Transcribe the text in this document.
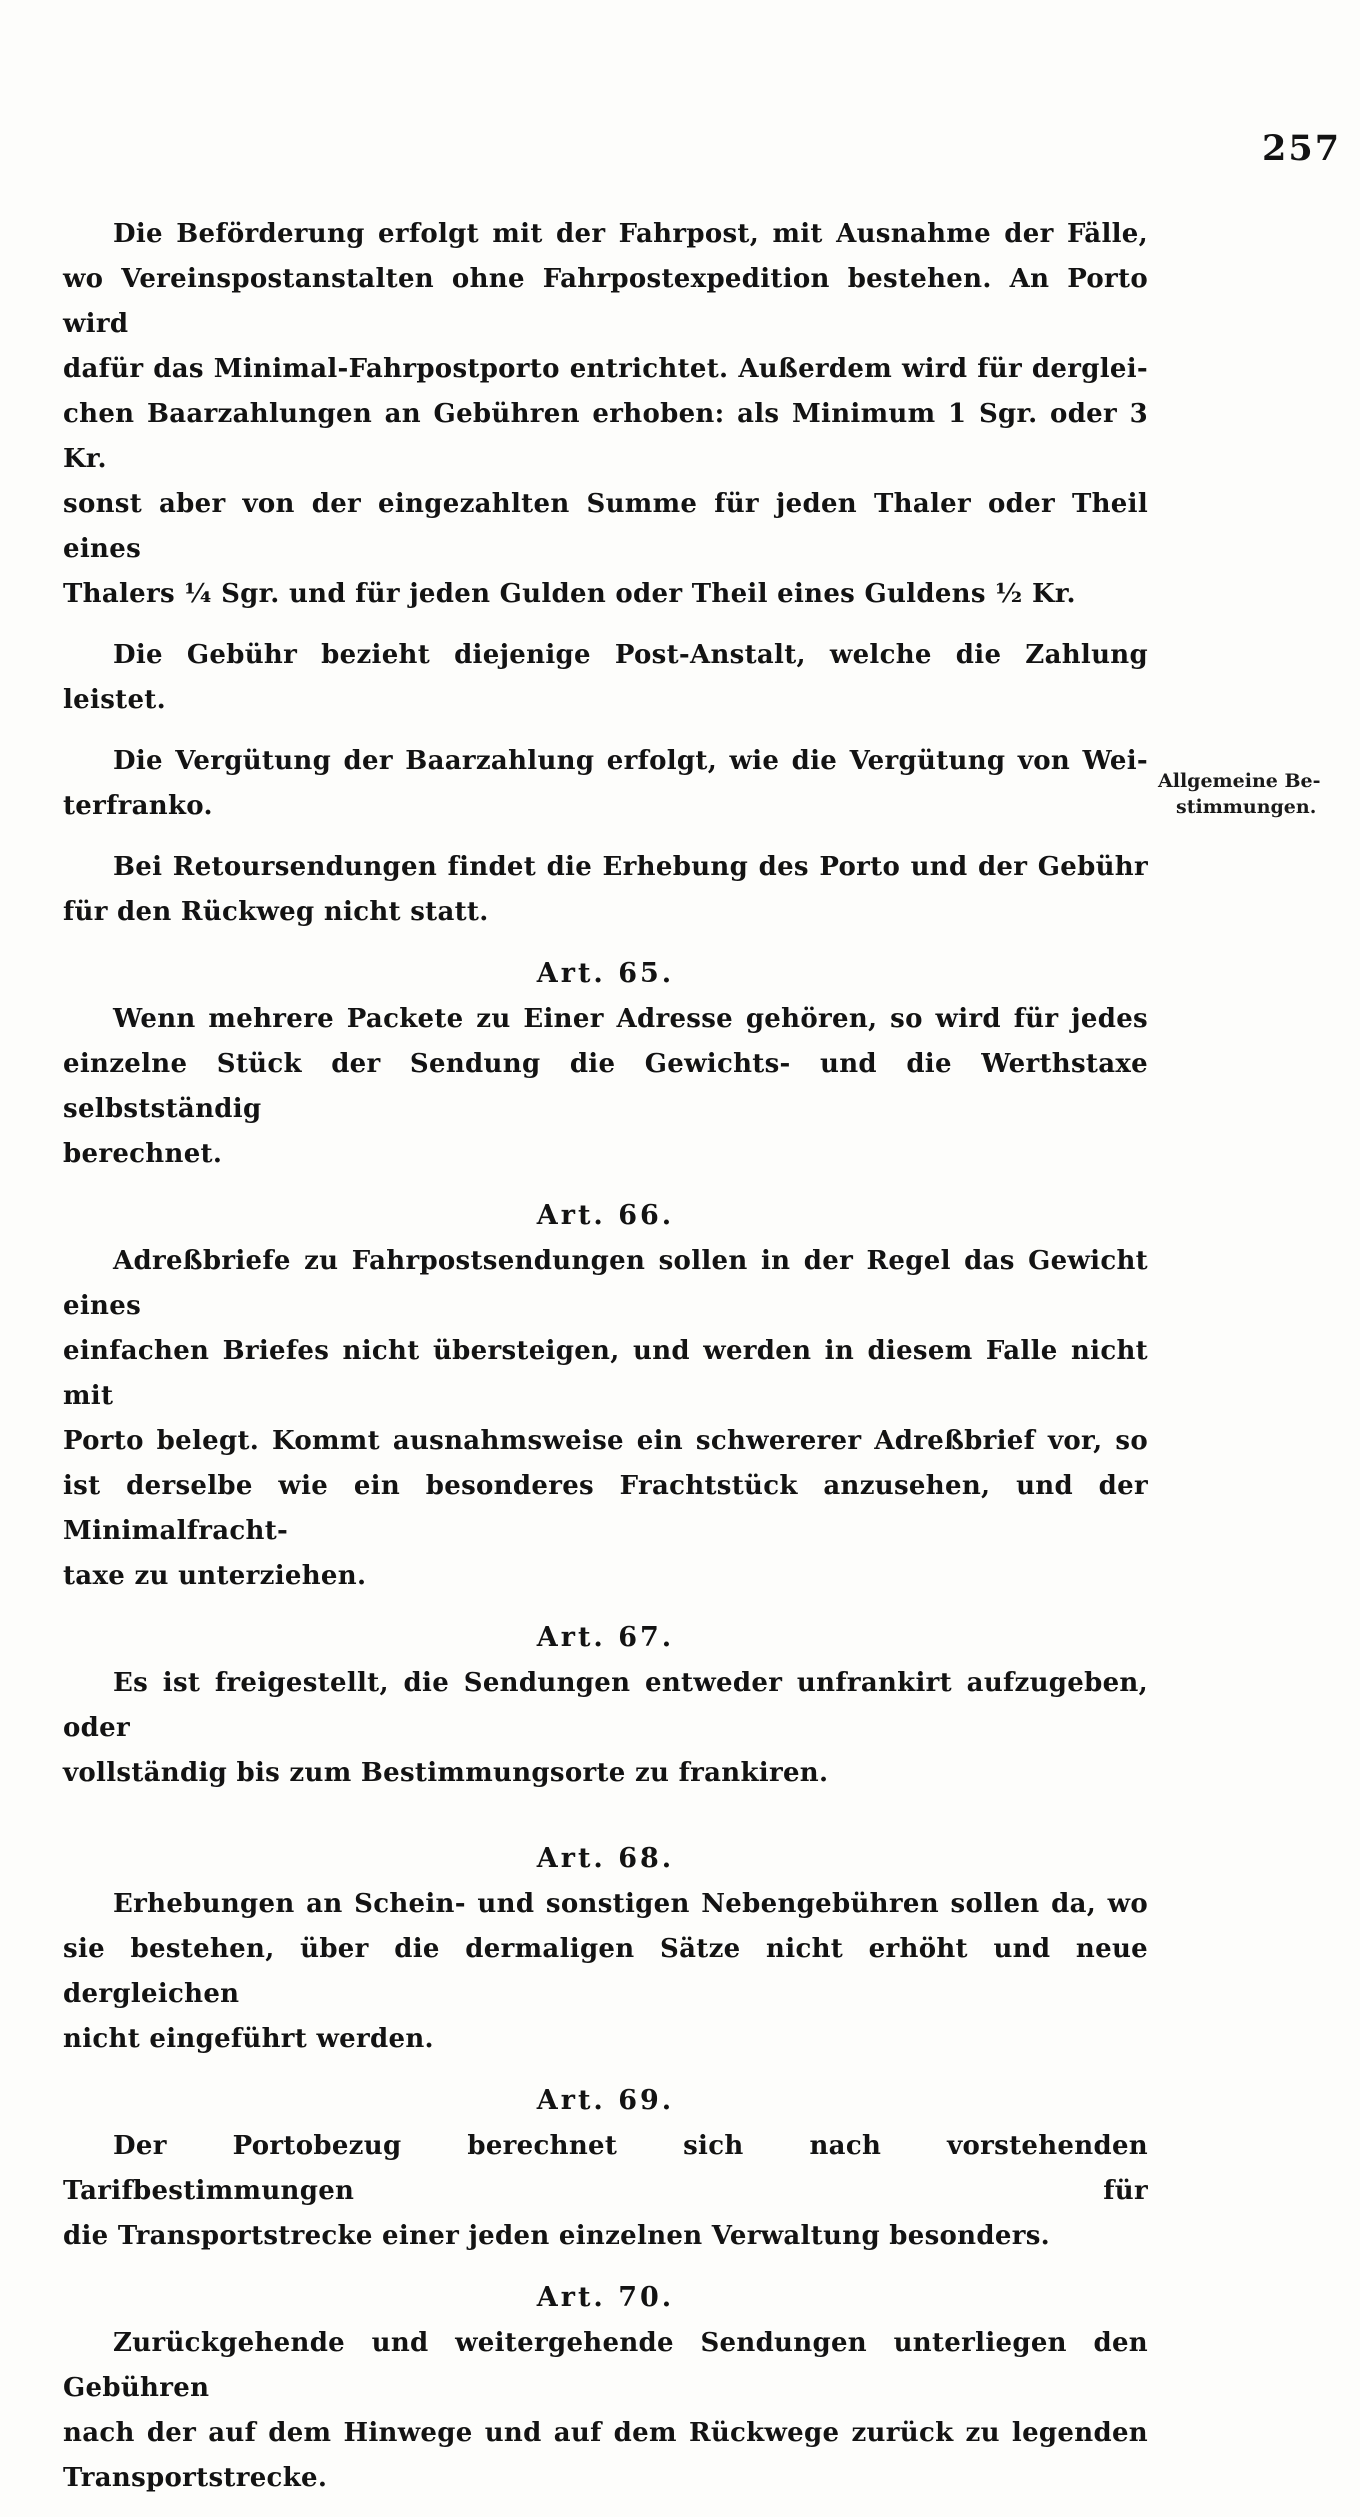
257
Allgemeine Be-
stimmungen.

Die Beförderung erfolgt mit der Fahrpost, mit Ausnahme der Fälle,
wo Vereinspostanstalten ohne Fahrpostexpedition bestehen. An Porto wird
dafür das Minimal-Fahrpostporto entrichtet. Außerdem wird für derglei-
chen Baarzahlungen an Gebühren erhoben: als Minimum 1 Sgr. oder 3 Kr.
sonst aber von der eingezahlten Summe für jeden Thaler oder Theil eines
Thalers ¼ Sgr. und für jeden Gulden oder Theil eines Guldens ½ Kr.

Die Gebühr bezieht diejenige Post-Anstalt, welche die Zahlung leistet.

Die Vergütung der Baarzahlung erfolgt, wie die Vergütung von Wei-
terfranko.

Bei Retoursendungen findet die Erhebung des Porto und der Gebühr
für den Rückweg nicht statt.

Art. 65.

Wenn mehrere Packete zu Einer Adresse gehören, so wird für jedes
einzelne Stück der Sendung die Gewichts- und die Werthstaxe selbstständig
berechnet.

Art. 66.

Adreßbriefe zu Fahrpostsendungen sollen in der Regel das Gewicht eines
einfachen Briefes nicht übersteigen, und werden in diesem Falle nicht mit
Porto belegt. Kommt ausnahmsweise ein schwererer Adreßbrief vor, so
ist derselbe wie ein besonderes Frachtstück anzusehen, und der Minimalfracht-
taxe zu unterziehen.

Art. 67.

Es ist freigestellt, die Sendungen entweder unfrankirt aufzugeben, oder
vollständig bis zum Bestimmungsorte zu frankiren.

Art. 68.

Erhebungen an Schein- und sonstigen Nebengebühren sollen da, wo
sie bestehen, über die dermaligen Sätze nicht erhöht und neue dergleichen
nicht eingeführt werden.

Art. 69.

Der Portobezug berechnet sich nach vorstehenden Tarifbestimmungen für
die Transportstrecke einer jeden einzelnen Verwaltung besonders.

Art. 70.

Zurückgehende und weitergehende Sendungen unterliegen den Gebühren
nach der auf dem Hinwege und auf dem Rückwege zurück zu legenden
Transportstrecke.
